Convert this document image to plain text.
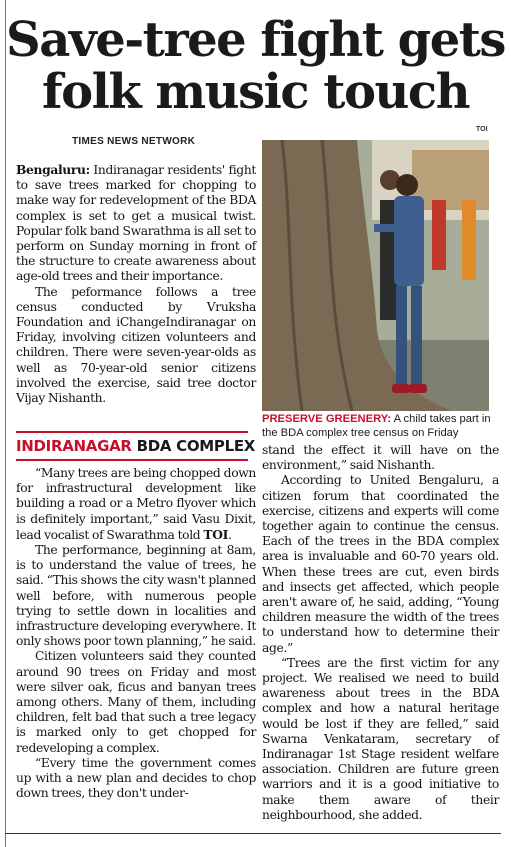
Save-tree fight gets
folk music touch
TIMES NEWS NETWORK
TOI

Bengaluru: Indiranagar residents' fight to save trees marked for chopping to make way for redevelopment of the BDA complex is set to get a musical twist. Popular folk band Swarathma is all set to perform on Sunday morning in front of the structure to create awareness about age-old trees and their importance.

The peformance follows a tree census conducted by Vruksha Foundation and iChangeIndiranagar on Friday, involving citizen volunteers and children. There were seven-year-olds as well as 70-year-old senior citizens involved the exercise, said tree doctor Vijay Nishanth.

INDIRANAGAR BDA COMPLEX

“Many trees are being chopped down for infrastructural development like building a road or a Metro flyover which is definitely important,” said Vasu Dixit, lead vocalist of Swarathma told TOI.

The performance, beginning at 8am, is to understand the value of trees, he said. “This shows the city wasn't planned well before, with numerous people trying to settle down in localities and infrastructure developing everywhere. It only shows poor town planning,” he said.

Citizen volunteers said they counted around 90 trees on Friday and most were silver oak, ficus and banyan trees among others. Many of them, including children, felt bad that such a tree legacy is marked only to get chopped for redeveloping a complex.

“Every time the government comes up with a new plan and decides to chop down trees, they don't under-

PRESERVE GREENERY: A child takes part in the BDA complex tree census on Friday

stand the effect it will have on the environment,” said Nishanth.

According to United Bengaluru, a citizen forum that coordinated the exercise, citizens and experts will come together again to continue the census. Each of the trees in the BDA complex area is invaluable and 60-70 years old. When these trees are cut, even birds and insects get affected, which people aren't aware of, he said, adding, “Young children measure the width of the trees to understand how to determine their age.”

“Trees are the first victim for any project. We realised we need to build awareness about trees in the BDA complex and how a natural heritage would be lost if they are felled,” said Swarna Venkataram, secretary of Indiranagar 1st Stage resident welfare association. Children are future green warriors and it is a good initiative to make them aware of their neighbourhood, she added.
